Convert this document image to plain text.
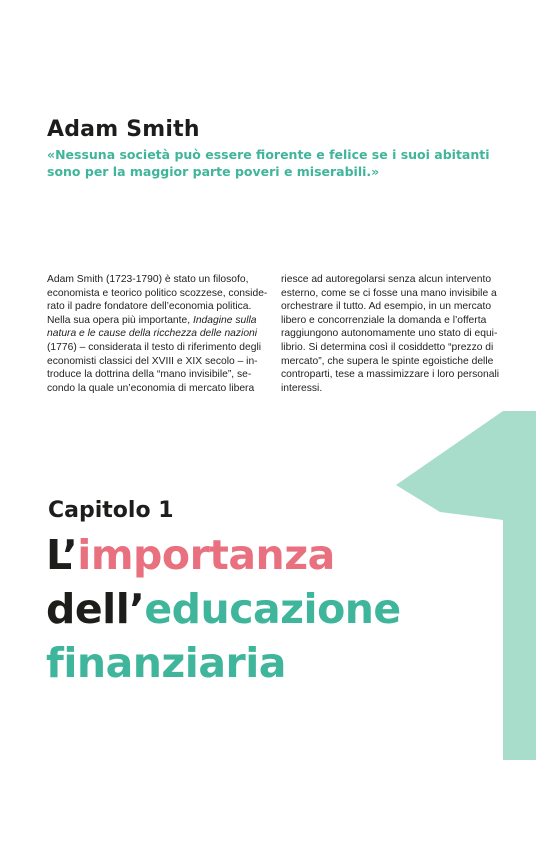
Adam Smith
«Nessuna società può essere fiorente e felice se i suoi abitanti
sono per la maggior parte poveri e miserabili.»
Adam Smith (1723-1790) è stato un filosofo,
economista e teorico politico scozzese, conside-
rato il padre fondatore dell’economia politica.
Nella sua opera più importante, Indagine sulla
natura e le cause della ricchezza delle nazioni
(1776) – considerata il testo di riferimento degli
economisti classici del XVIII e XIX secolo – in-
troduce la dottrina della “mano invisibile”, se-
condo la quale un’economia di mercato libera
riesce ad autoregolarsi senza alcun intervento
esterno, come se ci fosse una mano invisibile a
orchestrare il tutto. Ad esempio, in un mercato
libero e concorrenziale la domanda e l’offerta
raggiungono autonomamente uno stato di equi-
librio. Si determina così il cosiddetto “prezzo di
mercato”, che supera le spinte egoistiche delle
controparti, tese a massimizzare i loro personali
interessi.
Capitolo 1
L’importanza
dell’educazione
finanziaria
